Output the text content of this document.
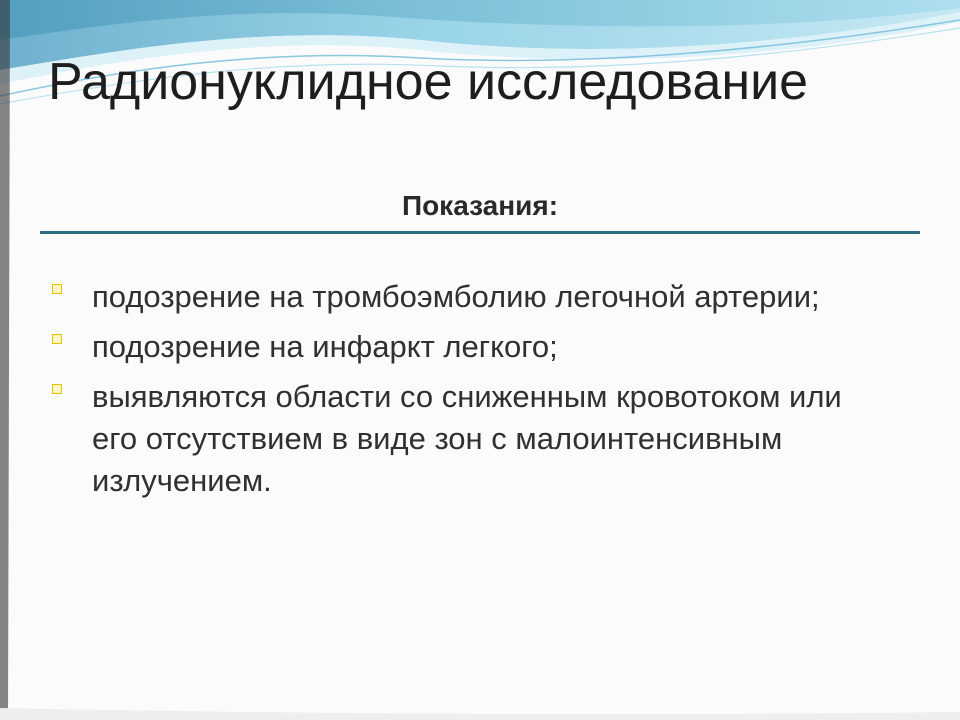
Радионуклидное исследование
Показания:
подозрение на тромбоэмболию легочной артерии;
подозрение на инфаркт легкого;
выявляются области со сниженным кровотоком или его отсутствием в виде зон с малоинтенсивным излучением.
